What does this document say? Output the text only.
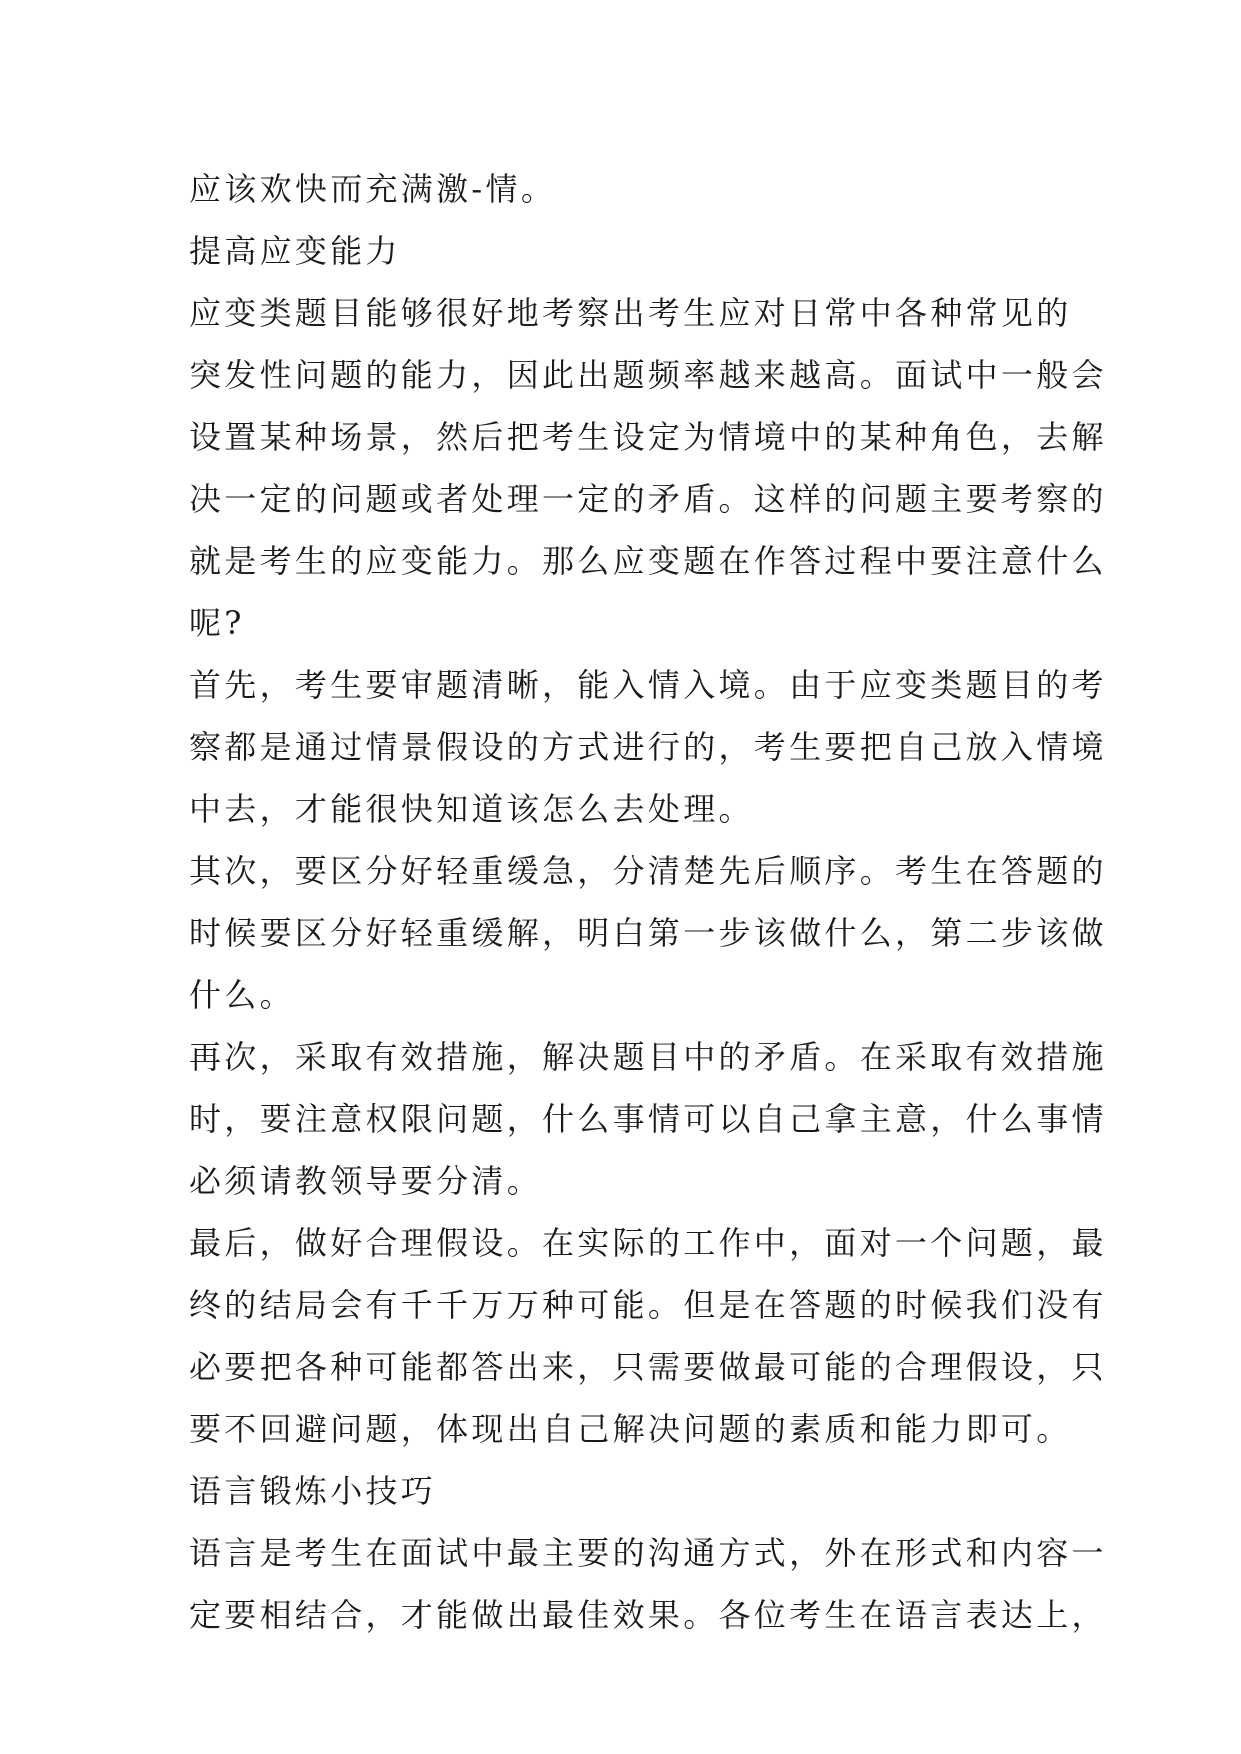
应该欢快而充满激-情。
提高应变能力
应变类题目能够很好地考察出考生应对日常中各种常见的
突发性问题的能力，因此出题频率越来越高。面试中一般会
设置某种场景，然后把考生设定为情境中的某种角色，去解
决一定的问题或者处理一定的矛盾。这样的问题主要考察的
就是考生的应变能力。那么应变题在作答过程中要注意什么
呢?
首先，考生要审题清晰，能入情入境。由于应变类题目的考
察都是通过情景假设的方式进行的，考生要把自己放入情境
中去，才能很快知道该怎么去处理。
其次，要区分好轻重缓急，分清楚先后顺序。考生在答题的
时候要区分好轻重缓解，明白第一步该做什么，第二步该做
什么。
再次，采取有效措施，解决题目中的矛盾。在采取有效措施
时，要注意权限问题，什么事情可以自己拿主意，什么事情
必须请教领导要分清。
最后，做好合理假设。在实际的工作中，面对一个问题，最
终的结局会有千千万万种可能。但是在答题的时候我们没有
必要把各种可能都答出来，只需要做最可能的合理假设，只
要不回避问题，体现出自己解决问题的素质和能力即可。
语言锻炼小技巧
语言是考生在面试中最主要的沟通方式，外在形式和内容一
定要相结合，才能做出最佳效果。各位考生在语言表达上，
